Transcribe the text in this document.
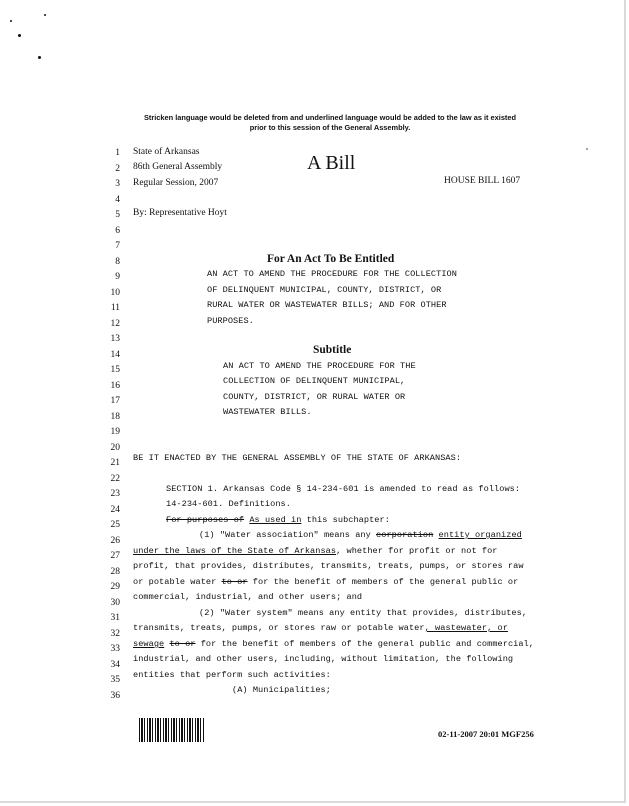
Stricken language would be deleted from and underlined language would be added to the law as it existed
prior to this session of the General Assembly.
1
2
3
4
5
6
7
8
9
10
11
12
13
14
15
16
17
18
19
20
21
22
23
24
25
26
27
28
29
30
31
32
33
34
35
36
State of Arkansas
86th General Assembly
Regular Session, 2007
A Bill
HOUSE BILL 1607
By: Representative Hoyt
For An Act To Be Entitled
AN ACT TO AMEND THE PROCEDURE FOR THE COLLECTION
OF DELINQUENT MUNICIPAL, COUNTY, DISTRICT, OR
RURAL WATER OR WASTEWATER BILLS; AND FOR OTHER
PURPOSES.
Subtitle
AN ACT TO AMEND THE PROCEDURE FOR THE
COLLECTION OF DELINQUENT MUNICIPAL,
COUNTY, DISTRICT, OR RURAL WATER OR
WASTEWATER BILLS.
BE IT ENACTED BY THE GENERAL ASSEMBLY OF THE STATE OF ARKANSAS:
SECTION 1. Arkansas Code § 14-234-601 is amended to read as follows:
14-234-601. Definitions.
For purposes of As used in this subchapter:
(1) "Water association" means any corporation entity organized
under the laws of the State of Arkansas, whether for profit or not for
profit, that provides, distributes, transmits, treats, pumps, or stores raw
or potable water to or for the benefit of members of the general public or
commercial, industrial, and other users; and
(2) "Water system" means any entity that provides, distributes,
transmits, treats, pumps, or stores raw or potable water, wastewater, or
sewage to or for the benefit of members of the general public and commercial,
industrial, and other users, including, without limitation, the following
entities that perform such activities:
(A) Municipalities;
02-11-2007 20:01 MGF256
